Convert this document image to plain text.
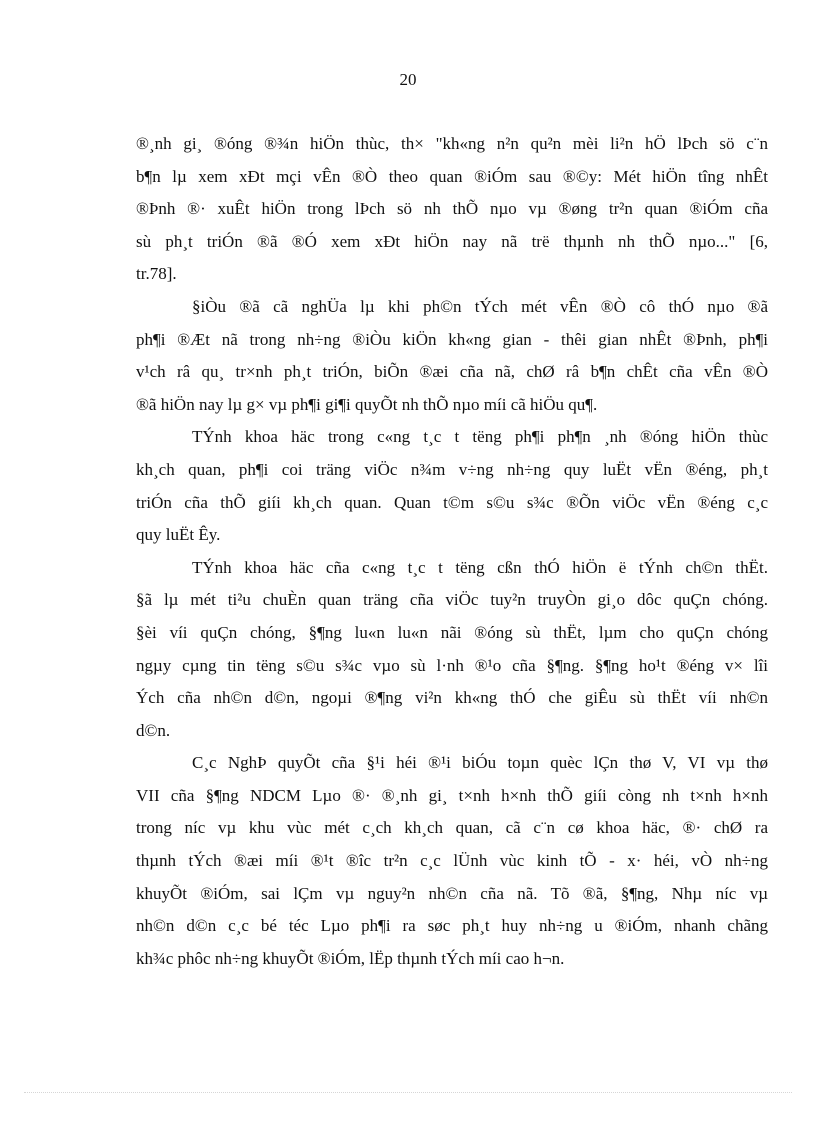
20
®¸nh gi¸ ®óng ®¾n hiÖn thùc, th× "kh«ng n²n qu²n mèi li²n hÖ lÞch sö c¨n
b¶n lµ xem xÐt mçi vÊn ®Ò theo quan ®iÓm sau ®©y: Mét hiÖn tîng nhÊt
®Þnh ®· xuÊt hiÖn trong lÞch sö nh thÕ nµo vµ ®øng tr²n quan ®iÓm cña
sù ph¸t triÓn ®ã ®Ó xem xÐt hiÖn nay nã trë thµnh nh thÕ nµo..." [6,
tr.78].
§iÒu ®ã cã nghÜa lµ khi ph©n tÝch mét vÊn ®Ò cô thÓ nµo ®ã
ph¶i ®Æt nã trong nh÷ng ®iÒu kiÖn kh«ng gian - thêi gian nhÊt ®Þnh, ph¶i
v¹ch râ qu¸ tr×nh ph¸t triÓn, biÕn ®æi cña nã, chØ râ b¶n chÊt cña vÊn ®Ò
®ã hiÖn nay lµ g× vµ ph¶i gi¶i quyÕt nh thÕ nµo míi cã hiÖu qu¶.
TÝnh khoa häc trong c«ng t¸c t tëng ph¶i ph¶n ¸nh ®óng hiÖn thùc
kh¸ch quan, ph¶i coi träng viÖc n¾m v÷ng nh÷ng quy luËt vËn ®éng, ph¸t
triÓn cña thÕ giíi kh¸ch quan. Quan t©m s©u s¾c ®Õn viÖc vËn ®éng c¸c
quy luËt Êy.
TÝnh khoa häc cña c«ng t¸c t tëng cßn thÓ hiÖn ë tÝnh ch©n thËt.
§ã lµ mét ti²u chuÈn quan träng cña viÖc tuy²n truyÒn gi¸o dôc quÇn chóng.
§èi víi quÇn chóng, §¶ng lu«n lu«n nãi ®óng sù thËt, lµm cho quÇn chóng
ngµy cµng tin tëng s©u s¾c vµo sù l·nh ®¹o cña §¶ng. §¶ng ho¹t ®éng v× lîi
Ých cña nh©n d©n, ngoµi ®¶ng vi²n kh«ng thÓ che giÊu sù thËt víi nh©n
d©n.
C¸c NghÞ quyÕt cña §¹i héi ®¹i biÓu toµn quèc lÇn thø V, VI vµ thø
VII cña §¶ng NDCM Lµo ®· ®¸nh gi¸ t×nh h×nh thÕ giíi còng nh t×nh h×nh
trong níc vµ khu vùc mét c¸ch kh¸ch quan, cã c¨n cø khoa häc, ®· chØ ra
thµnh tÝch ®æi míi ®¹t ®îc tr²n c¸c lÜnh vùc kinh tÕ - x· héi, vÒ nh÷ng
khuyÕt ®iÓm, sai lÇm vµ nguy²n nh©n cña nã. Tõ ®ã, §¶ng, Nhµ níc vµ
nh©n d©n c¸c bé téc Lµo ph¶i ra søc ph¸t huy nh÷ng u ®iÓm, nhanh chãng
kh¾c phôc nh÷ng khuyÕt ®iÓm, lËp thµnh tÝch míi cao h¬n.
